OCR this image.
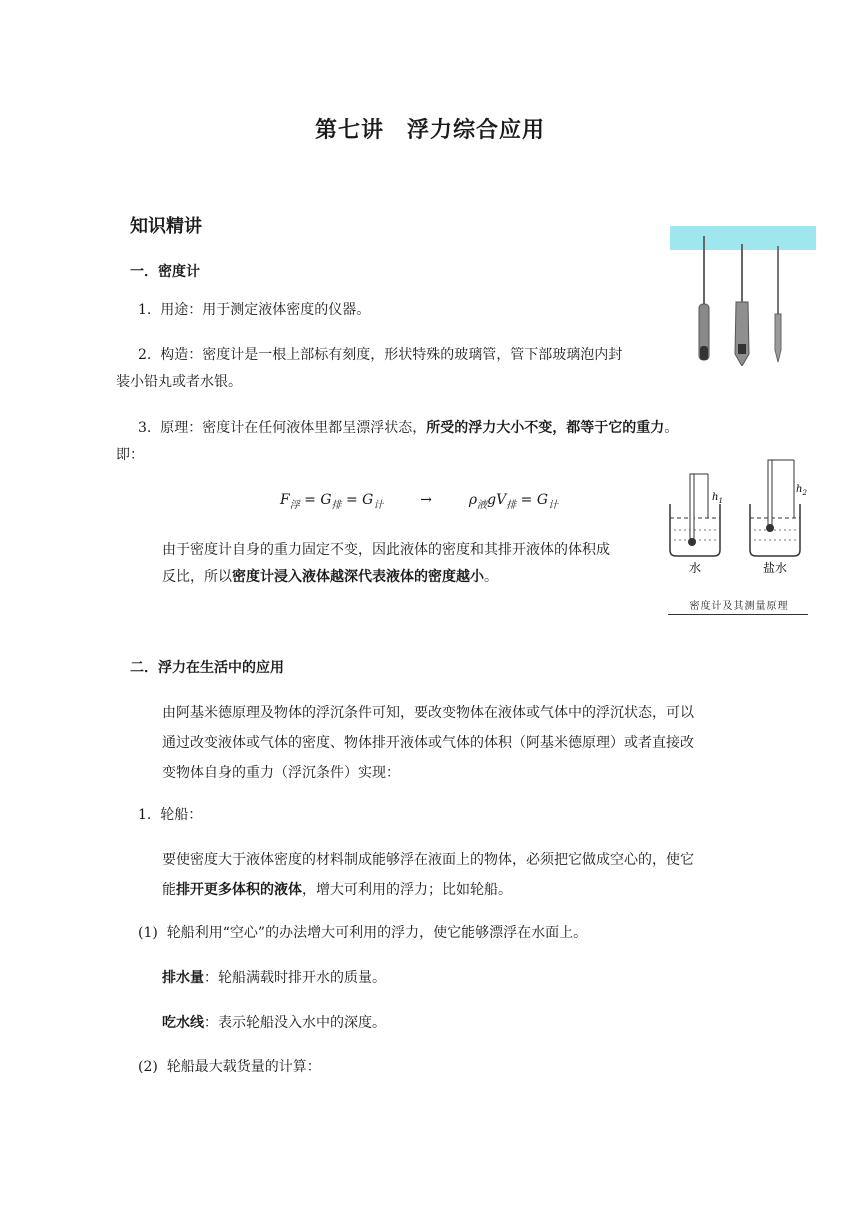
第七讲　浮力综合应用
知识精讲
一．密度计
1. 用途：用于测定液体密度的仪器。
2. 构造：密度计是一根上部标有刻度，形状特殊的玻璃管，管下部玻璃泡内封
装小铅丸或者水银。
3. 原理：密度计在任何液体里都呈漂浮状态，所受的浮力大小不变，都等于它的重力。
即：
$F_浮 = G_排 = G_计$	→	$\rho_液gV_排 = G_计$
由于密度计自身的重力固定不变，因此液体的密度和其排开液体的体积成
反比，所以密度计浸入液体越深代表液体的密度越小。
$h_1$
水
$h_2$
盐水
密度计及其测量原理
二．浮力在生活中的应用
由阿基米德原理及物体的浮沉条件可知，要改变物体在液体或气体中的浮沉状态，可以
通过改变液体或气体的密度、物体排开液体或气体的体积（阿基米德原理）或者直接改
变物体自身的重力（浮沉条件）实现：
1. 轮船：
要使密度大于液体密度的材料制成能够浮在液面上的物体，必须把它做成空心的，使它
能排开更多体积的液体，增大可利用的浮力；比如轮船。
(1) 轮船利用“空心”的办法增大可利用的浮力，使它能够漂浮在水面上。
排水量：轮船满载时排开水的质量。
吃水线：表示轮船没入水中的深度。
(2) 轮船最大载货量的计算：
